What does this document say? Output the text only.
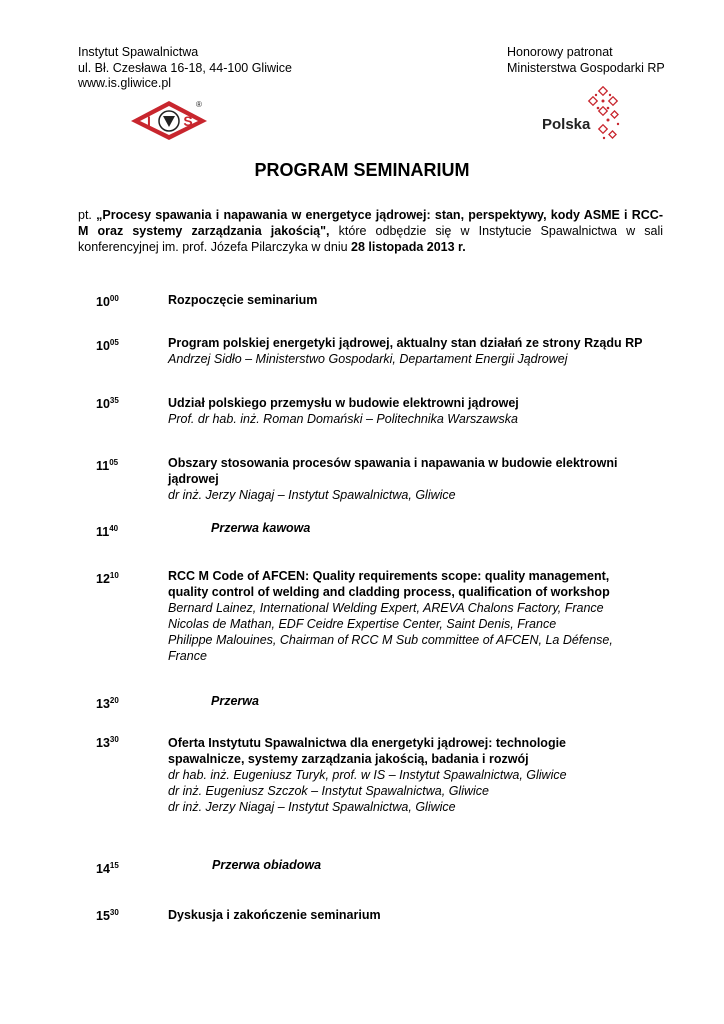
Instytut Spawalnictwa
ul. Bł. Czesława 16-18, 44-100 Gliwice
www.is.gliwice.pl
Honorowy patronat
Ministerstwa Gospodarki RP
I S
®
Polska
PROGRAM SEMINARIUM
pt. „Procesy spawania i napawania w energetyce jądrowej: stan, perspektywy, kody ASME i RCC-M oraz systemy zarządzania jakością", które odbędzie się w Instytucie Spawalnictwa w sali konferencyjnej im. prof. Józefa Pilarczyka w dniu 28 listopada 2013 r.
$10^{00}$	Rozpoczęcie seminarium
$10^{05}$	Program polskiej energetyki jądrowej, aktualny stan działań ze strony Rządu RP
Andrzej Sidło – Ministerstwo Gospodarki, Departament Energii Jądrowej
$10^{35}$	Udział polskiego przemysłu w budowie elektrowni jądrowej
Prof. dr hab. inż. Roman Domański – Politechnika Warszawska
$11^{05}$	Obszary stosowania procesów spawania i napawania w budowie elektrowni jądrowej
dr inż. Jerzy Niagaj – Instytut Spawalnictwa, Gliwice
$11^{40}$	Przerwa kawowa
$12^{10}$	RCC M Code of AFCEN: Quality requirements scope: quality management, quality control of welding and cladding process, qualification of workshop
Bernard Lainez, International Welding Expert, AREVA Chalons Factory, France
Nicolas de Mathan, EDF Ceidre Expertise Center, Saint Denis, France
Philippe Malouines, Chairman of RCC M Sub committee of AFCEN, La Défense, France
$13^{20}$	Przerwa
$13^{30}$	Oferta Instytutu Spawalnictwa dla energetyki jądrowej: technologie spawalnicze, systemy zarządzania jakością, badania i rozwój
dr hab. inż. Eugeniusz Turyk, prof. w IS – Instytut Spawalnictwa, Gliwice
dr inż. Eugeniusz Szczok – Instytut Spawalnictwa, Gliwice
dr inż. Jerzy Niagaj – Instytut Spawalnictwa, Gliwice
$14^{15}$	Przerwa obiadowa
$15^{30}$	Dyskusja i zakończenie seminarium
